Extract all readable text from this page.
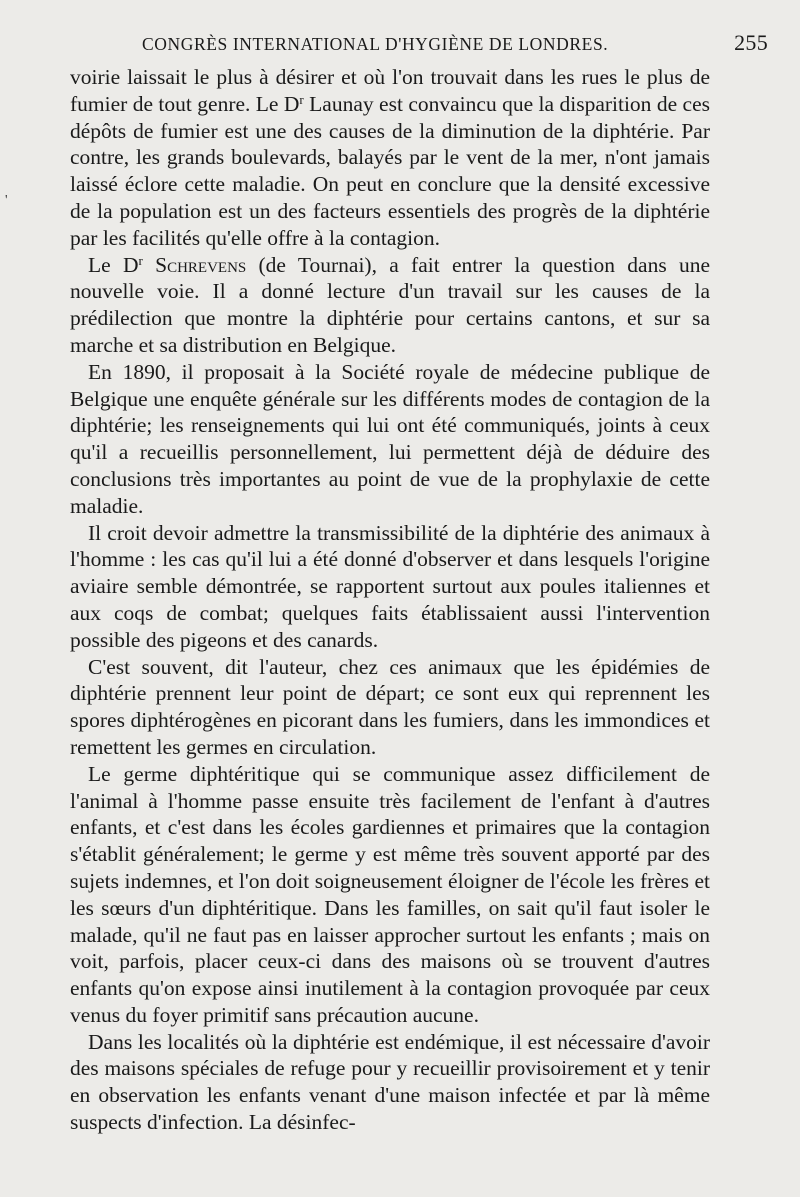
CONGRÈS INTERNATIONAL D'HYGIÈNE DE LONDRES.	255
'

voirie laissait le plus à désirer et où l'on trouvait dans les rues le plus de fumier de tout genre. Le $D^r$ Launay est convaincu que la disparition de ces dépôts de fumier est une des causes de la diminution de la diphtérie. Par contre, les grands boulevards, balayés par le vent de la mer, n'ont jamais laissé éclore cette maladie. On peut en conclure que la densité excessive de la population est un des facteurs essentiels des progrès de la diphtérie par les facilités qu'elle offre à la contagion.

Le $D^r$ Schrevens (de Tournai), a fait entrer la question dans une nouvelle voie. Il a donné lecture d'un travail sur les causes de la prédilection que montre la diphtérie pour certains cantons, et sur sa marche et sa distribution en Belgique.

En 1890, il proposait à la Société royale de médecine publique de Belgique une enquête générale sur les différents modes de contagion de la diphtérie; les renseignements qui lui ont été communiqués, joints à ceux qu'il a recueillis personnellement, lui permettent déjà de déduire des conclusions très importantes au point de vue de la prophylaxie de cette maladie.

Il croit devoir admettre la transmissibilité de la diphtérie des animaux à l'homme : les cas qu'il lui a été donné d'observer et dans lesquels l'origine aviaire semble démontrée, se rapportent surtout aux poules italiennes et aux coqs de combat; quelques faits établissaient aussi l'intervention possible des pigeons et des canards.

C'est souvent, dit l'auteur, chez ces animaux que les épidémies de diphtérie prennent leur point de départ; ce sont eux qui reprennent les spores diphtérogènes en picorant dans les fumiers, dans les immondices et remettent les germes en circulation.

Le germe diphtéritique qui se communique assez difficilement de l'animal à l'homme passe ensuite très facilement de l'enfant à d'autres enfants, et c'est dans les écoles gardiennes et primaires que la contagion s'établit généralement; le germe y est même très souvent apporté par des sujets indemnes, et l'on doit soigneusement éloigner de l'école les frères et les sœurs d'un diphtéritique. Dans les familles, on sait qu'il faut isoler le malade, qu'il ne faut pas en laisser approcher surtout les enfants ; mais on voit, parfois, placer ceux-ci dans des maisons où se trouvent d'autres enfants qu'on expose ainsi inutilement à la contagion provoquée par ceux venus du foyer primitif sans précaution aucune.

Dans les localités où la diphtérie est endémique, il est nécessaire d'avoir des maisons spéciales de refuge pour y recueillir provisoirement et y tenir en observation les enfants venant d'une maison infectée et par là même suspects d'infection. La désinfec-
